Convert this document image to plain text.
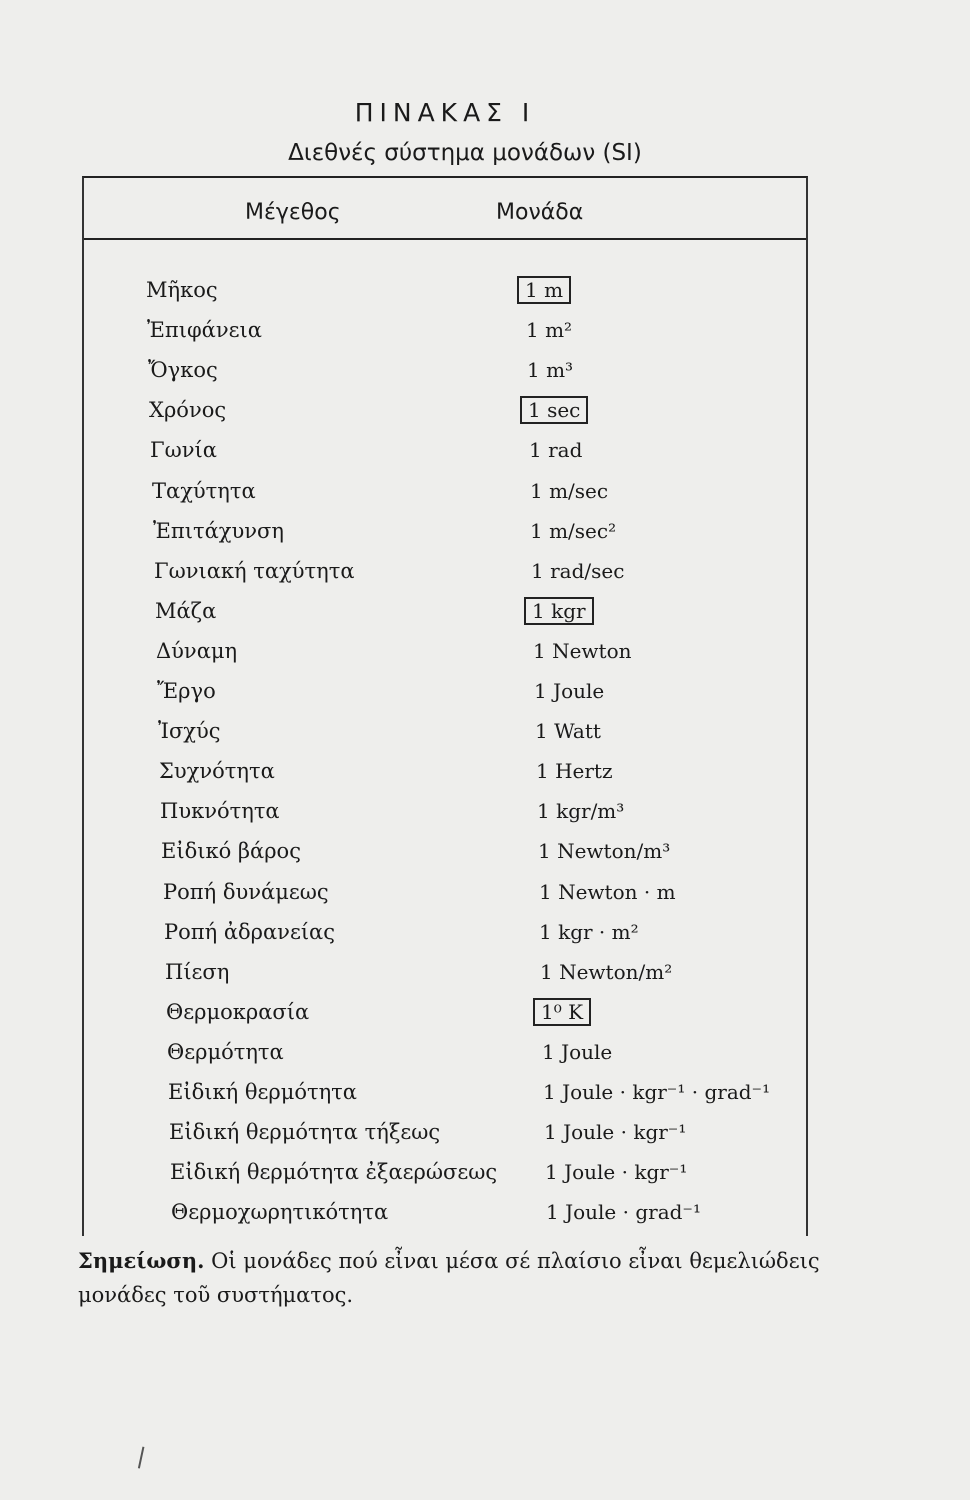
ΠΙΝΑΚΑΣ Ι
Διεθνές σύστημα μονάδων (SI)
Μέγεθος	Μονάδα
Μῆκος	1 m
Ἐπιφάνεια	1 m²
Ὄγκος	1 m³
Χρόνος	1 sec
Γωνία	1 rad
Ταχύτητα	1 m/sec
Ἐπιτάχυνση	1 m/sec²
Γωνιακή ταχύτητα	1 rad/sec
Μάζα	1 kgr
Δύναμη	1 Newton
Ἔργο	1 Joule
Ἰσχύς	1 Watt
Συχνότητα	1 Hertz
Πυκνότητα	1 kgr/m³
Εἰδικό βάρος	1 Newton/m³
Ροπή δυνάμεως	1 Newton · m
Ροπή ἀδρανείας	1 kgr · m²
Πίεση	1 Newton/m²
Θερμοκρασία	1⁰ K
Θερμότητα	1 Joule
Εἰδική θερμότητα	1 Joule · kgr⁻¹ · grad⁻¹
Εἰδική θερμότητα τήξεως	1 Joule · kgr⁻¹
Εἰδική θερμότητα ἐξαερώσεως 1 Joule · kgr⁻¹
Θερμοχωρητικότητα	1 Joule · grad⁻¹
Σημείωση. Οἱ μονάδες πού εἶναι μέσα σέ πλαίσιο εἶναι θεμελιώδεις μονάδες τοῦ συστήματος.
